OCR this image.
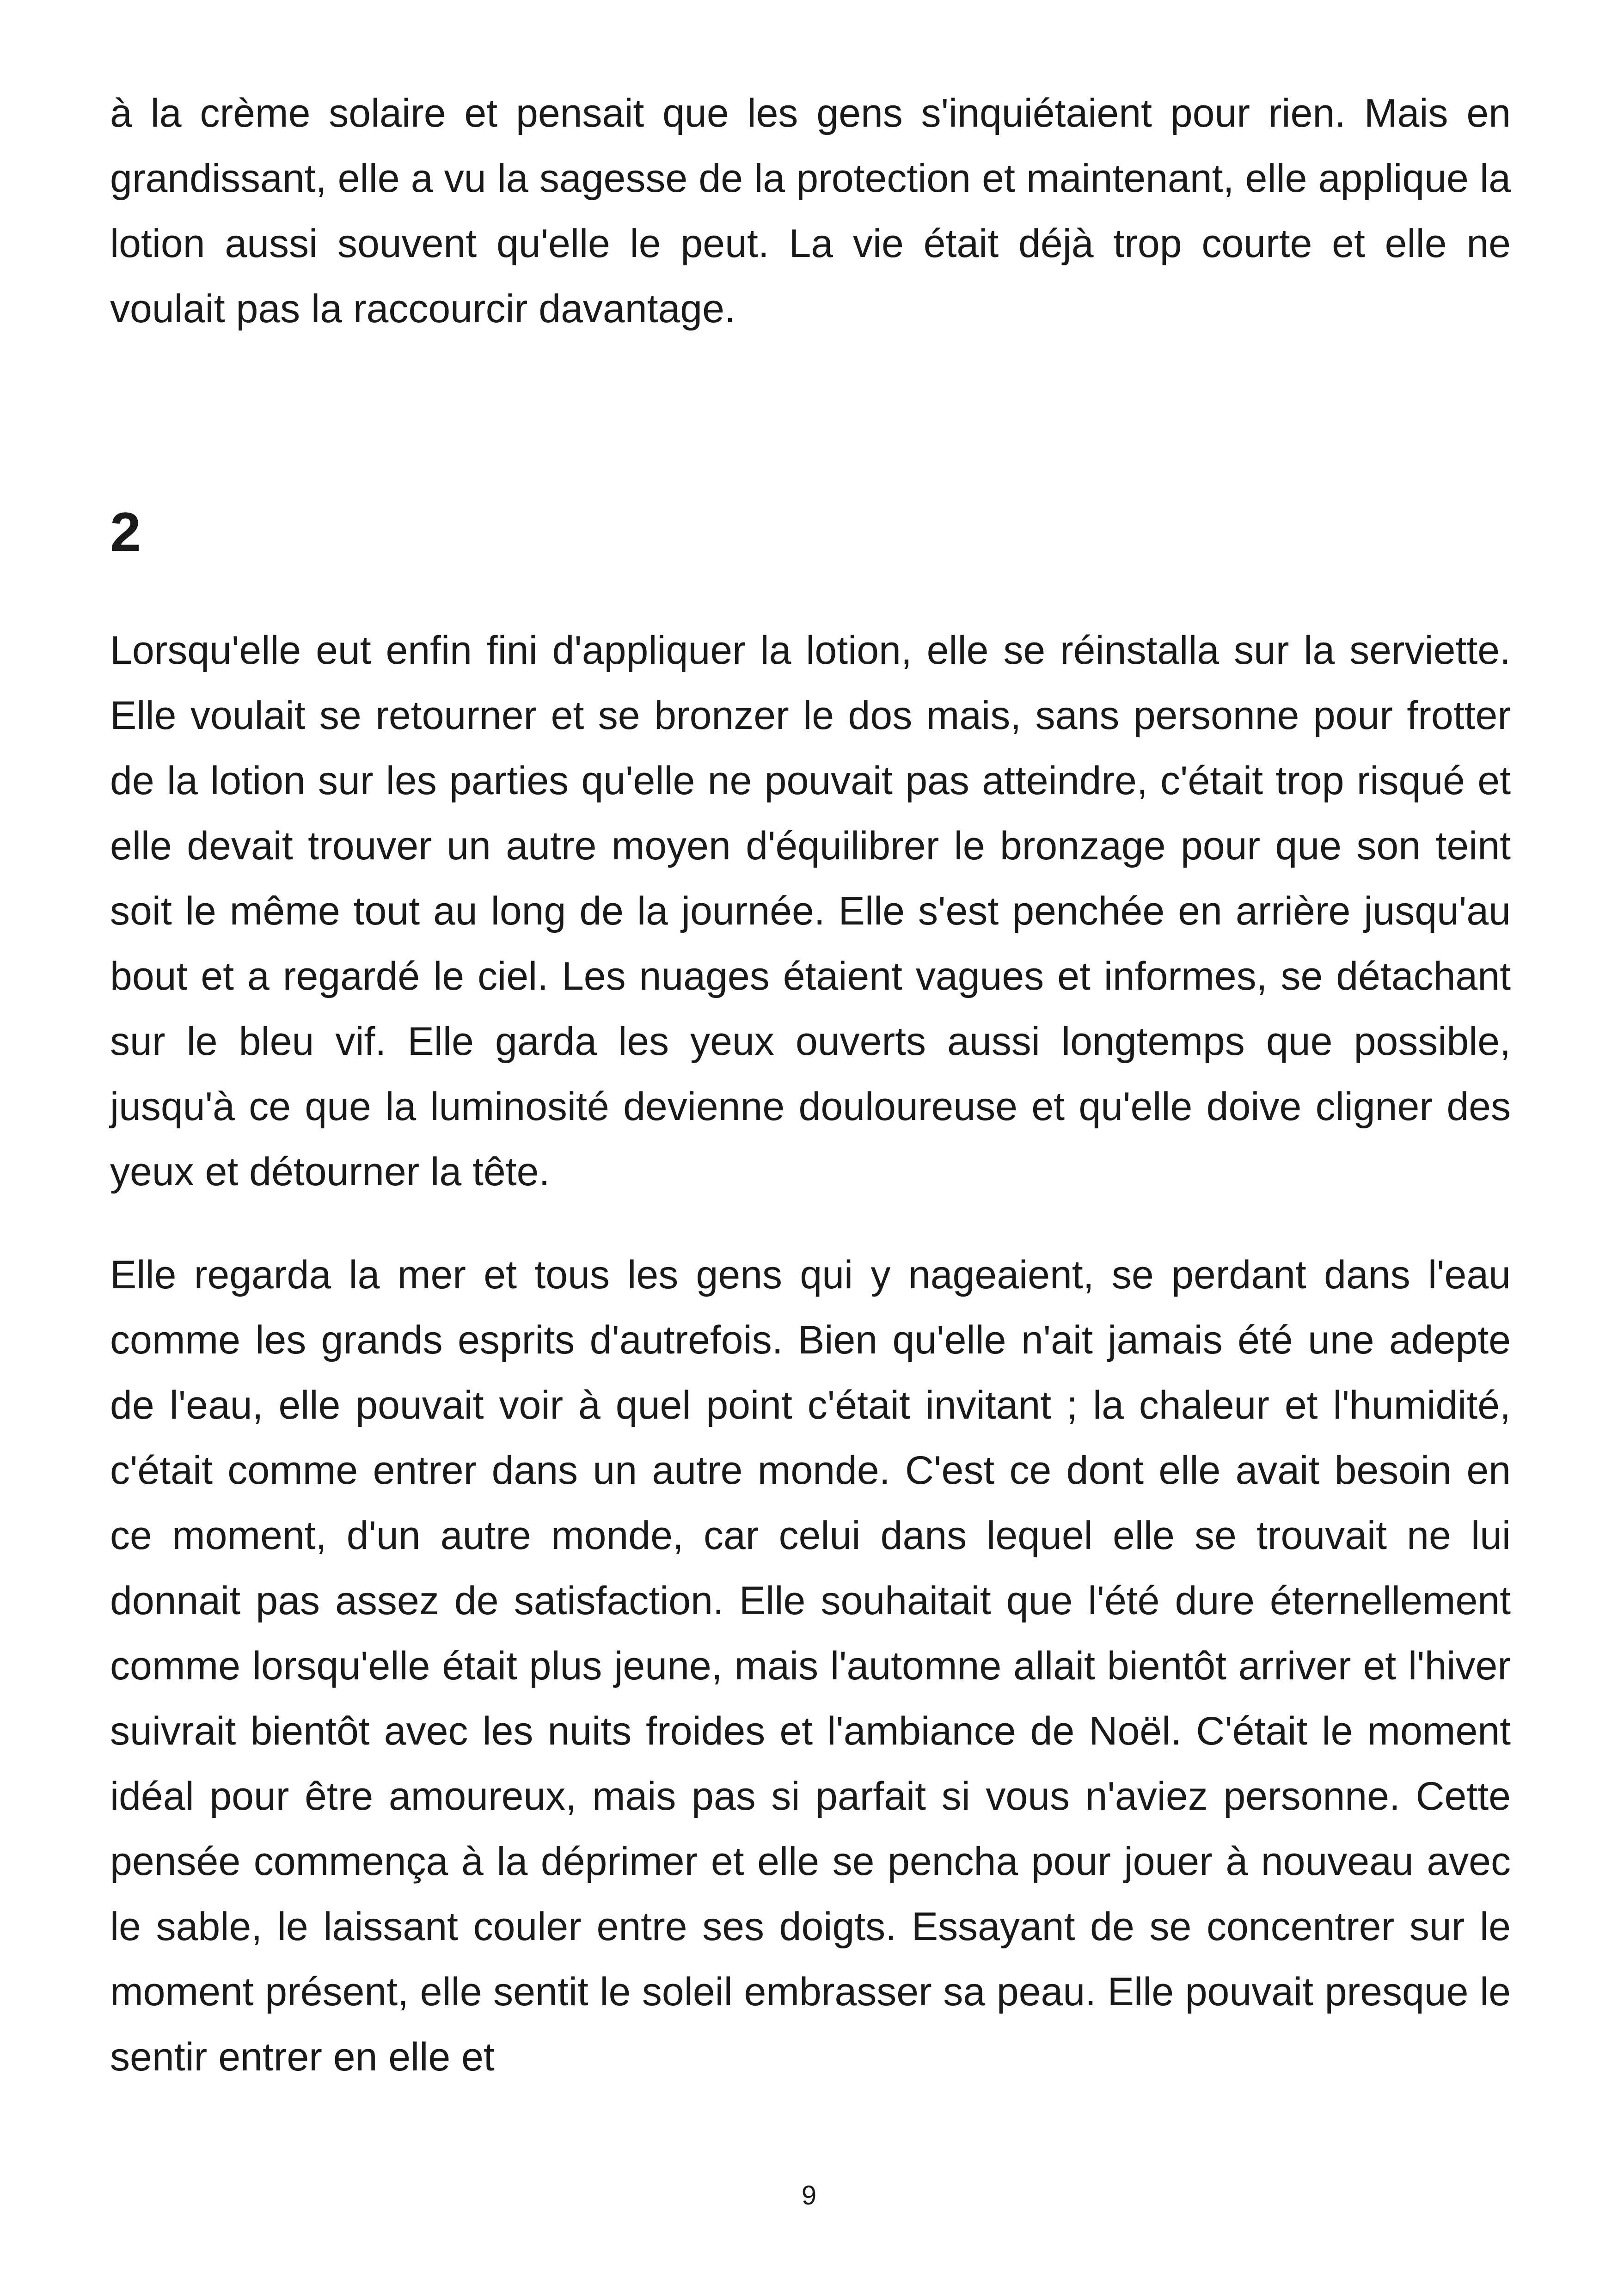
à la crème solaire et pensait que les gens s'inquiétaient pour rien. Mais en grandissant, elle a vu la sagesse de la protection et maintenant, elle applique la lotion aussi souvent qu'elle le peut. La vie était déjà trop courte et elle ne voulait pas la raccourcir davantage.

2

Lorsqu'elle eut enfin fini d'appliquer la lotion, elle se réinstalla sur la serviette. Elle voulait se retourner et se bronzer le dos mais, sans personne pour frotter de la lotion sur les parties qu'elle ne pouvait pas atteindre, c'était trop risqué et elle devait trouver un autre moyen d'équilibrer le bronzage pour que son teint soit le même tout au long de la journée. Elle s'est penchée en arrière jusqu'au bout et a regardé le ciel. Les nuages étaient vagues et informes, se détachant sur le bleu vif. Elle garda les yeux ouverts aussi longtemps que possible, jusqu'à ce que la luminosité devienne douloureuse et qu'elle doive cligner des yeux et détourner la tête.

Elle regarda la mer et tous les gens qui y nageaient, se perdant dans l'eau comme les grands esprits d'autrefois. Bien qu'elle n'ait jamais été une adepte de l'eau, elle pouvait voir à quel point c'était invitant ; la chaleur et l'humidité, c'était comme entrer dans un autre monde. C'est ce dont elle avait besoin en ce moment, d'un autre monde, car celui dans lequel elle se trouvait ne lui donnait pas assez de satisfaction. Elle souhaitait que l'été dure éternellement comme lorsqu'elle était plus jeune, mais l'automne allait bientôt arriver et l'hiver suivrait bientôt avec les nuits froides et l'ambiance de Noël. C'était le moment idéal pour être amoureux, mais pas si parfait si vous n'aviez personne. Cette pensée commença à la déprimer et elle se pencha pour jouer à nouveau avec le sable, le laissant couler entre ses doigts. Essayant de se concentrer sur le moment présent, elle sentit le soleil embrasser sa peau. Elle pouvait presque le sentir entrer en elle et

9
